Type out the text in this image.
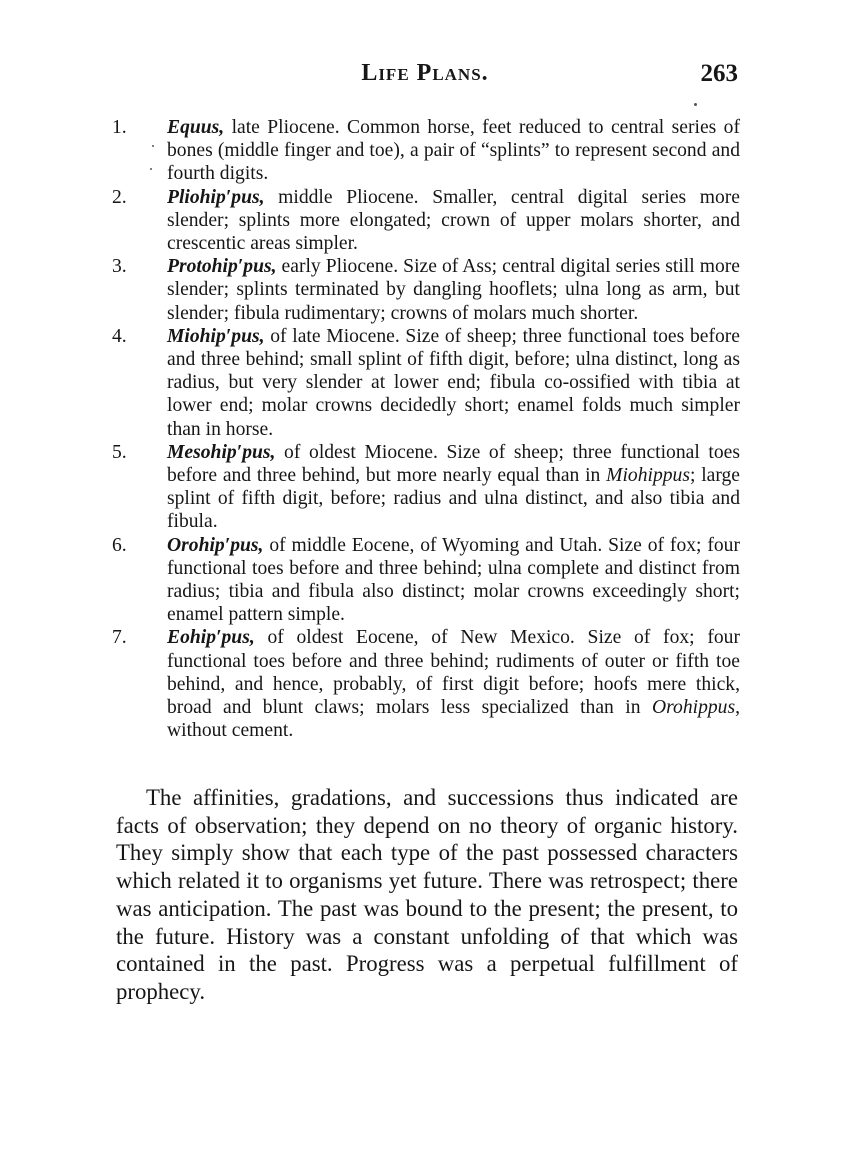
Life Plans.	263
1. Equus, late Pliocene. Common horse, feet reduced to central series of bones (middle finger and toe), a pair of “splints” to represent second and fourth digits.
2. Pliohip′pus, middle Pliocene. Smaller, central digital series more slender; splints more elongated; crown of upper molars shorter, and crescentic areas simpler.
3. Protohip′pus, early Pliocene. Size of Ass; central digital series still more slender; splints terminated by dangling hooflets; ulna long as arm, but slender; fibula rudimentary; crowns of molars much shorter.
4. Miohip′pus, of late Miocene. Size of sheep; three functional toes before and three behind; small splint of fifth digit, before; ulna distinct, long as radius, but very slender at lower end; fibula co-ossified with tibia at lower end; molar crowns decidedly short; enamel folds much simpler than in horse.
5. Mesohip′pus, of oldest Miocene. Size of sheep; three functional toes before and three behind, but more nearly equal than in Miohippus; large splint of fifth digit, before; radius and ulna distinct, and also tibia and fibula.
6. Orohip′pus, of middle Eocene, of Wyoming and Utah. Size of fox; four functional toes before and three behind; ulna complete and distinct from radius; tibia and fibula also distinct; molar crowns exceedingly short; enamel pattern simple.
7. Eohip′pus, of oldest Eocene, of New Mexico. Size of fox; four functional toes before and three behind; rudiments of outer or fifth toe behind, and hence, probably, of first digit before; hoofs mere thick, broad and blunt claws; molars less specialized than in Orohippus, without cement.

The affinities, gradations, and successions thus indicated are facts of observation; they depend on no theory of organic history. They simply show that each type of the past possessed characters which related it to organisms yet future. There was retrospect; there was anticipation. The past was bound to the present; the present, to the future. History was a constant unfolding of that which was contained in the past. Progress was a perpetual fulfillment of prophecy.
